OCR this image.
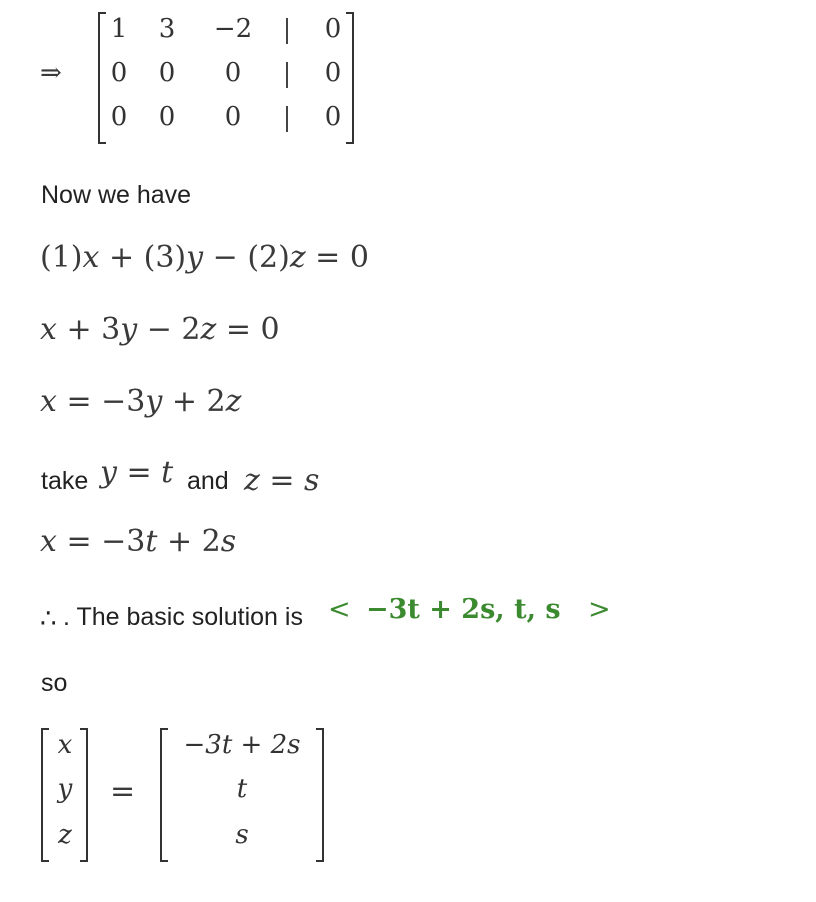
⇒
1 3 −2	0
0 0	0	0
0 0	0	0
Now we have
(1)x + (3)y − (2)z = 0
x + 3y − 2z = 0
x = −3y + 2z
take y = t and z = s
x = −3t + 2s
∴ . The basic solution is < −3t + 2s, t, s >
so
x
y
z
=
−3t + 2s
t
s
